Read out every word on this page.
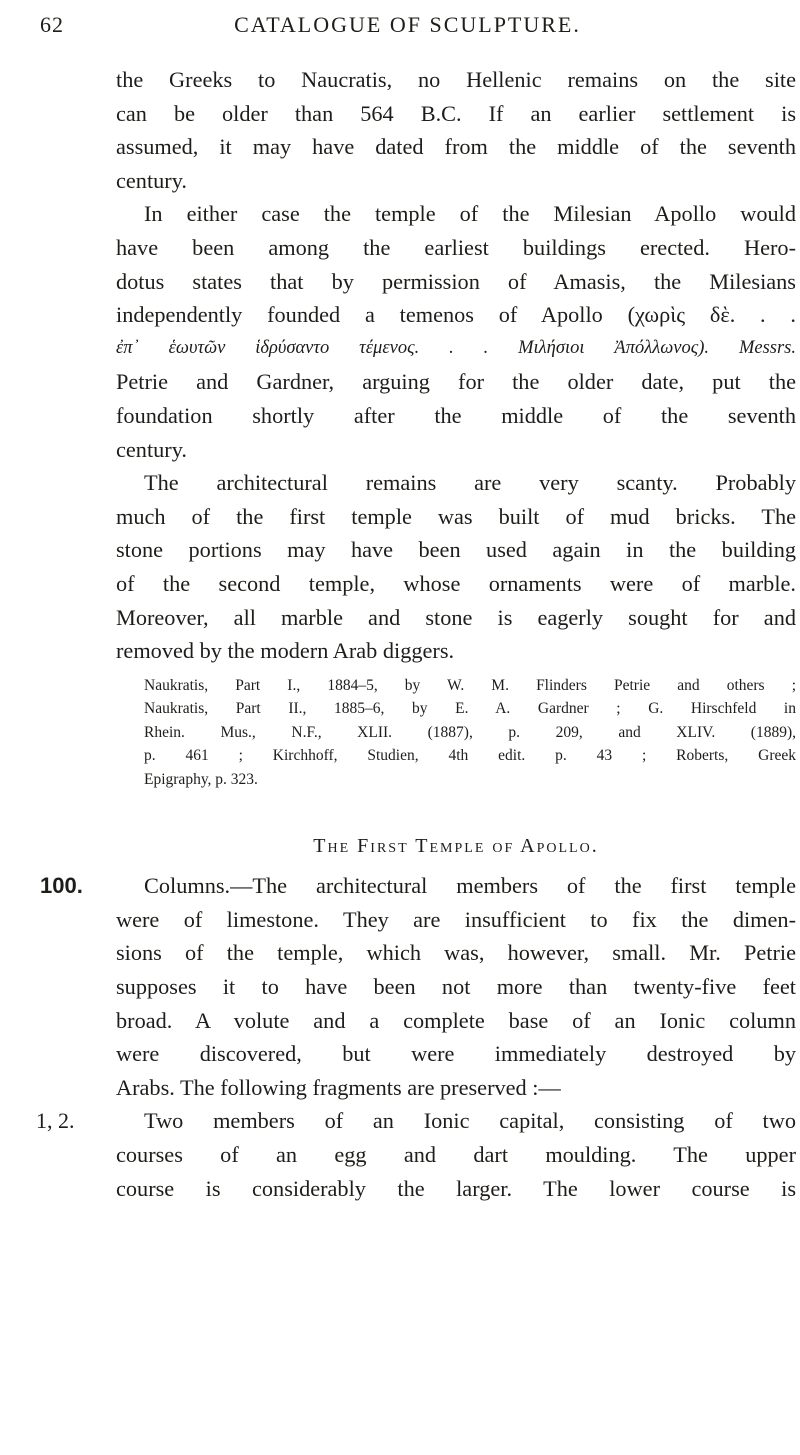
62	CATALOGUE OF SCULPTURE.
the Greeks to Naucratis, no Hellenic remains on the site
can be older than 564 B.C. If an earlier settlement is
assumed, it may have dated from the middle of the seventh
century.
In either case the temple of the Milesian Apollo would
have been among the earliest buildings erected. Hero-
dotus states that by permission of Amasis, the Milesians
independently founded a temenos of Apollo (χωρὶς δὲ. . .
ἐπ᾽ ἑωυτῶν ἱδρύσαντο τέμενος. . . Μιλήσιοι Ἀπόλλωνος). Messrs.
Petrie and Gardner, arguing for the older date, put the
foundation shortly after the middle of the seventh
century.
The architectural remains are very scanty. Probably
much of the first temple was built of mud bricks. The
stone portions may have been used again in the building
of the second temple, whose ornaments were of marble.
Moreover, all marble and stone is eagerly sought for and
removed by the modern Arab diggers.
Naukratis, Part I., 1884–5, by W. M. Flinders Petrie and others ;
Naukratis, Part II., 1885–6, by E. A. Gardner ; G. Hirschfeld in
Rhein. Mus., N.F., XLII. (1887), p. 209, and XLIV. (1889),
p. 461 ; Kirchhoff, Studien, 4th edit. p. 43 ; Roberts, Greek
Epigraphy, p. 323.
The First Temple of Apollo.
100.	Columns.—The architectural members of the first temple
were of limestone. They are insufficient to fix the dimen-
sions of the temple, which was, however, small. Mr. Petrie
supposes it to have been not more than twenty-five feet
broad. A volute and a complete base of an Ionic column
were discovered, but were immediately destroyed by
Arabs. The following fragments are preserved :—
1, 2.	Two members of an Ionic capital, consisting of two
courses of an egg and dart moulding. The upper
course is considerably the larger. The lower course is
